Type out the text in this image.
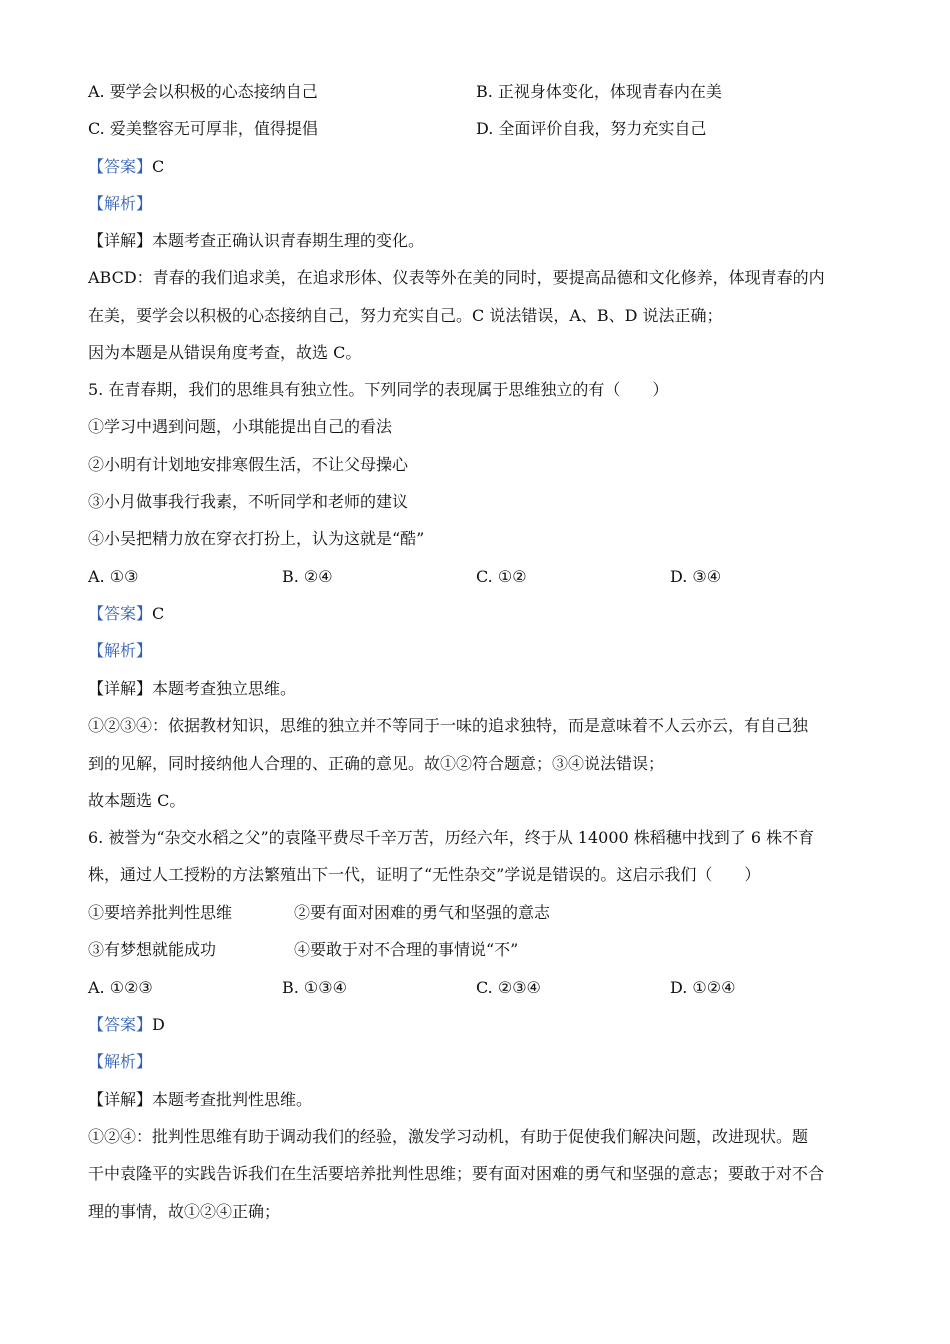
A. 要学会以积极的心态接纳自己	B. 正视身体变化，体现青春内在美
C. 爱美整容无可厚非，值得提倡	D. 全面评价自我，努力充实自己
【答案】C
【解析】
【详解】本题考查正确认识青春期生理的变化。
ABCD：青春的我们追求美，在追求形体、仪表等外在美的同时，要提高品德和文化修养，体现青春的内
在美，要学会以积极的心态接纳自己，努力充实自己。C 说法错误，A、B、D 说法正确；
因为本题是从错误角度考查，故选 C。
5. 在青春期，我们的思维具有独立性。下列同学的表现属于思维独立的有（　　）
①学习中遇到问题，小琪能提出自己的看法
②小明有计划地安排寒假生活，不让父母操心
③小月做事我行我素，不听同学和老师的建议
④小吴把精力放在穿衣打扮上，认为这就是“酷”
A. ①③	B. ②④	C. ①②	D. ③④
【答案】C
【解析】
【详解】本题考查独立思维。
①②③④：依据教材知识，思维的独立并不等同于一味的追求独特，而是意味着不人云亦云，有自己独
到的见解，同时接纳他人合理的、正确的意见。故①②符合题意；③④说法错误；
故本题选 C。
6. 被誉为“杂交水稻之父”的袁隆平费尽千辛万苦，历经六年，终于从 14000 株稻穗中找到了 6 株不育
株，通过人工授粉的方法繁殖出下一代，证明了“无性杂交”学说是错误的。这启示我们（　　）
①要培养批判性思维	②要有面对困难的勇气和坚强的意志
③有梦想就能成功	④要敢于对不合理的事情说“不”
A. ①②③	B. ①③④	C. ②③④	D. ①②④
【答案】D
【解析】
【详解】本题考查批判性思维。
①②④：批判性思维有助于调动我们的经验，激发学习动机，有助于促使我们解决问题，改进现状。题
干中袁隆平的实践告诉我们在生活要培养批判性思维；要有面对困难的勇气和坚强的意志；要敢于对不合
理的事情，故①②④正确；
